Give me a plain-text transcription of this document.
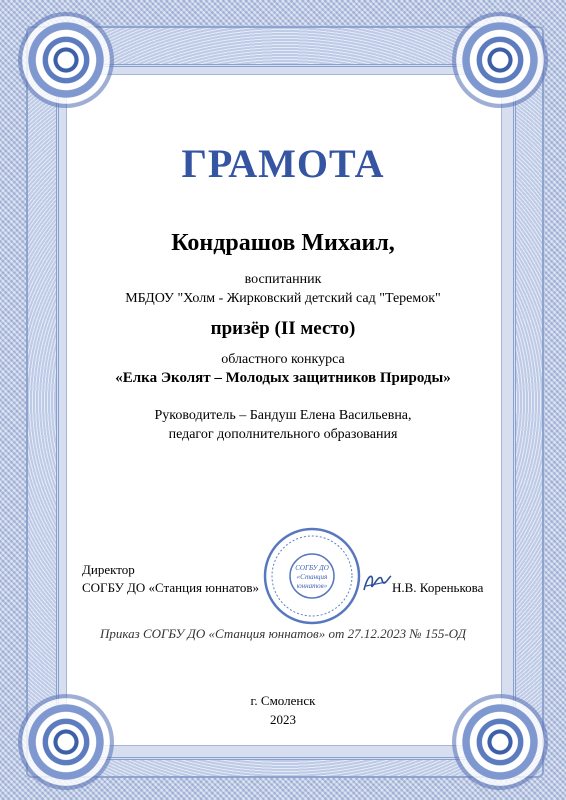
ГРАМОТА
Кондрашов Михаил,
воспитанник
МБДОУ "Холм - Жирковский детский сад "Теремок"
призёр (II место)
областного конкурса
«Елка Эколят – Молодых защитников Природы»
Руководитель – Бандуш Елена Васильевна,
педагог дополнительного образования
Директор
СОГБУ ДО «Станция юннатов»
СОГБУ ДО
«Станция
юннатов»	Н.В. Коренькова
Приказ СОГБУ ДО «Станция юннатов» от 27.12.2023 № 155-ОД
г. Смоленск
2023
